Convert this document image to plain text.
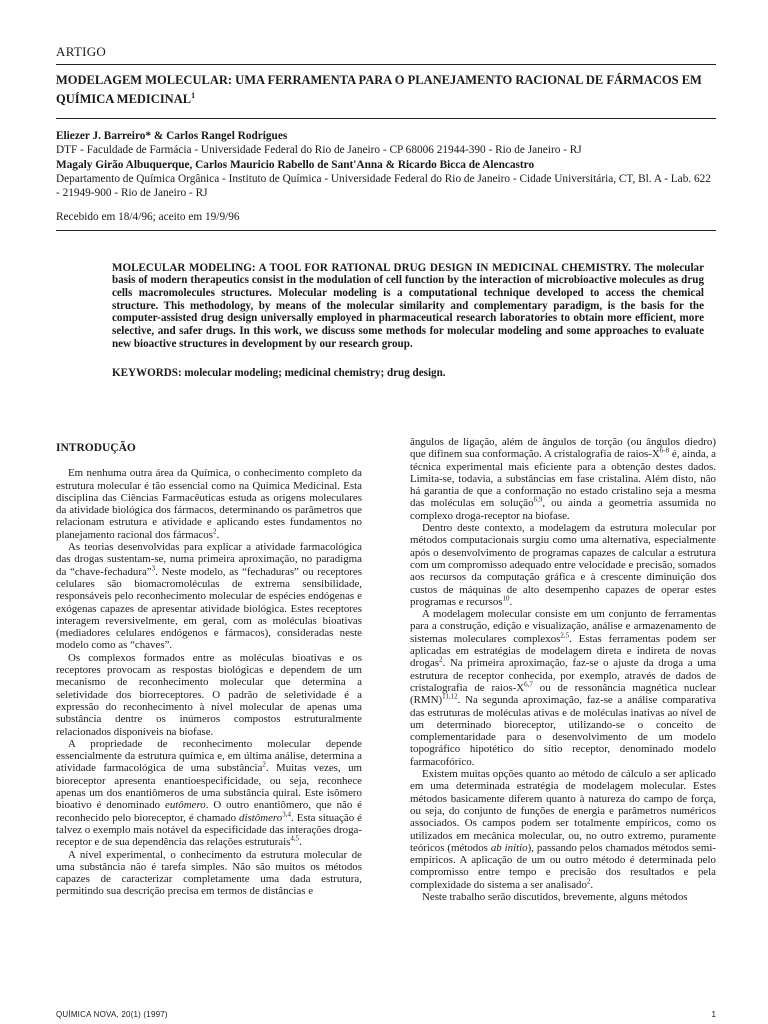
ARTIGO
MODELAGEM MOLECULAR: UMA FERRAMENTA PARA O PLANEJAMENTO RACIONAL DE FÁRMACOS EM QUÍMICA MEDICINAL$^1$
Eliezer J. Barreiro* & Carlos Rangel Rodrigues
DTF - Faculdade de Farmácia - Universidade Federal do Rio de Janeiro - CP 68006 21944-390 - Rio de Janeiro - RJ
Magaly Girão Albuquerque, Carlos Mauricio Rabello de Sant'Anna & Ricardo Bicca de Alencastro
Departamento de Química Orgânica - Instituto de Química - Universidade Federal do Rio de Janeiro - Cidade Universitária, CT, Bl. A - Lab. 622 - 21949-900 - Rio de Janeiro - RJ
Recebido em 18/4/96; aceito em 19/9/96
MOLECULAR MODELING: A TOOL FOR RATIONAL DRUG DESIGN IN MEDICINAL CHEMISTRY. The molecular basis of modern therapeutics consist in the modulation of cell function by the interaction of microbioactive molecules as drug cells macromolecules structures. Molecular modeling is a computational technique developed to access the chemical structure. This methodology, by means of the molecular similarity and complementary paradigm, is the basis for the computer-assisted drug design universally employed in pharmaceutical research laboratories to obtain more efficient, more selective, and safer drugs. In this work, we discuss some methods for molecular modeling and some approaches to evaluate new bioactive structures in development by our research group.
KEYWORDS: molecular modeling; medicinal chemistry; drug design.
INTRODUÇÃO

Em nenhuma outra área da Química, o conhecimento completo da estrutura molecular é tão essencial como na Química Medicinal. Esta disciplina das Ciências Farmacêuticas estuda as origens moleculares da atividade biológica dos fármacos, determinando os parâmetros que relacionam estrutura e atividade e aplicando estes fundamentos no planejamento racional dos fármacos$^2$.

As teorias desenvolvidas para explicar a atividade farmacológica das drogas sustentam-se, numa primeira aproximação, no paradigma da “chave-fechadura”$^3$. Neste modelo, as “fechaduras” ou receptores celulares são biomacromoléculas de extrema sensibilidade, responsáveis pelo reconhecimento molecular de espécies endógenas e exógenas capazes de apresentar atividade biológica. Estes receptores interagem reversivelmente, em geral, com as moléculas bioativas (mediadores celulares endógenos e fármacos), consideradas neste modelo como as “chaves”.

Os complexos formados entre as moléculas bioativas e os receptores provocam as respostas biológicas e dependem de um mecanismo de reconhecimento molecular que determina a seletividade dos biorreceptores. O padrão de seletividade é a expressão do reconhecimento à nível molecular de apenas uma substância dentre os inúmeros compostos estruturalmente relacionados disponíveis na biofase.

A propriedade de reconhecimento molecular depende essencialmente da estrutura química e, em última análise, determina a atividade farmacológica de uma substância$^2$. Muitas vezes, um bioreceptor apresenta enantioespecificidade, ou seja, reconhece apenas um dos enantiômeros de uma substância quiral. Este isômero bioativo é denominado eutômero. O outro enantiômero, que não é reconhecido pelo bioreceptor, é chamado distômero$^{3,4}$. Esta situação é talvez o exemplo mais notável da especificidade das interações droga-receptor e de sua dependência das relações estruturais$^{4,5}$.

A nível experimental, o conhecimento da estrutura molecular de uma substância não é tarefa simples. Não são muitos os métodos capazes de caracterizar completamente uma dada estrutura, permitindo sua descrição precisa em termos de distâncias e

ângulos de ligação, além de ângulos de torção (ou ângulos diedro) que difinem sua conformação. A cristalografia de raios-$X^{6-8}$ é, ainda, a técnica experimental mais eficiente para a obtenção destes dados. Limita-se, todavia, a substâncias em fase cristalina. Além disto, não há garantia de que a conformação no estado cristalino seja a mesma das moléculas em solução$^{6,9}$, ou ainda a geometria assumida no complexo droga-receptor na biofase.

Dentro deste contexto, a modelagem da estrutura molecular por métodos computacionais surgiu como uma alternativa, especialmente após o desenvolvimento de programas capazes de calcular a estrutura com um compromisso adequado entre velocidade e precisão, somados aos recursos da computação gráfica e à crescente diminuição dos custos de máquinas de alto desempenho capazes de operar estes programas e recursos$^{10}$.

A modelagem molecular consiste em um conjunto de ferramentas para a construção, edição e visualização, análise e armazenamento de sistemas moleculares complexos$^{2,5}$. Estas ferramentas podem ser aplicadas em estratégias de modelagem direta e indireta de novas drogas$^2$. Na primeira aproximação, faz-se o ajuste da droga a uma estrutura de receptor conhecida, por exemplo, através de dados de cristalografia de raios-$X^{6,7}$ ou de ressonância magnética nuclear (RMN)$^{11,12}$. Na segunda aproximação, faz-se a análise comparativa das estruturas de moléculas ativas e de moléculas inativas ao nível de um determinado bioreceptor, utilizando-se o conceito de complementaridade para o desenvolvimento de um modelo topográfico hipotético do sítio receptor, denominado modelo farmacofórico.

Existem muitas opções quanto ao método de cálculo a ser aplicado em uma determinada estratégia de modelagem molecular. Estes métodos basicamente diferem quanto à natureza do campo de força, ou seja, do conjunto de funções de energia e parâmetros numéricos associados. Os campos podem ser totalmente empíricos, como os utilizados em mecânica molecular, ou, no outro extremo, puramente teóricos (métodos ab initio), passando pelos chamados métodos semi-empíricos. A aplicação de um ou outro método é determinada pelo compromisso entre tempo e precisão dos resultados e pela complexidade do sistema a ser analisado$^2$.

Neste trabalho serão discutidos, brevemente, alguns métodos

QUÍMICA NOVA, 20(1) (1997)	1
